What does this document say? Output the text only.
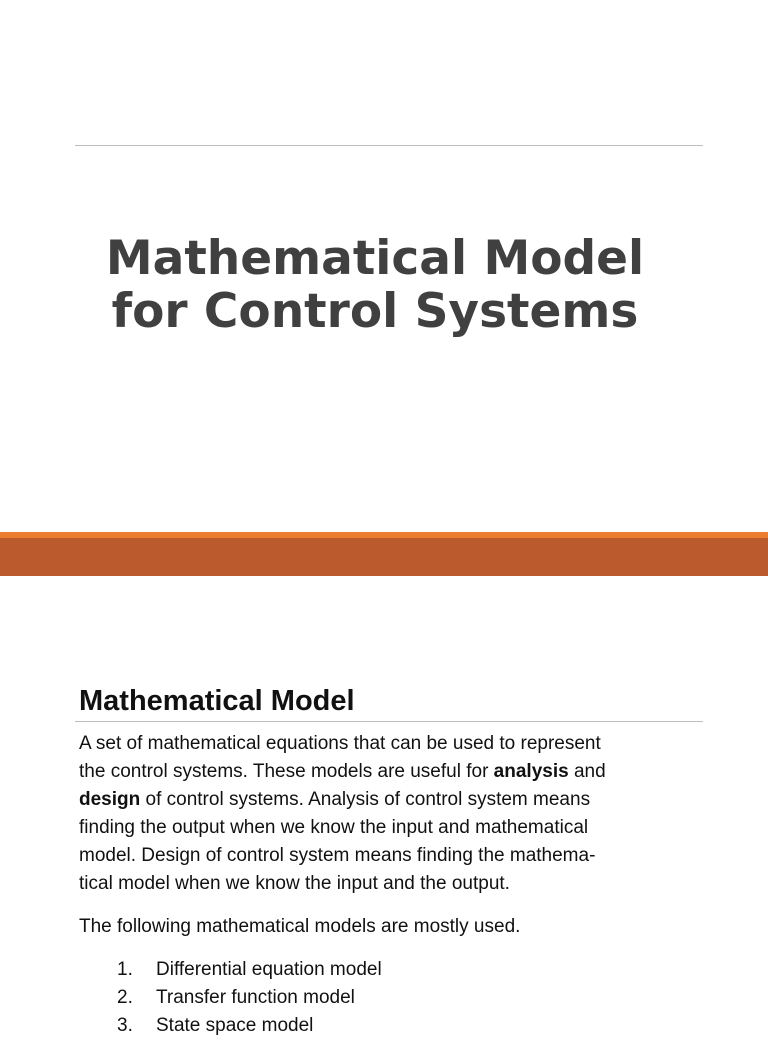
Mathematical Model
for Control Systems
Mathematical Model

A set of mathematical equations that can be used to represent
the control systems. These models are useful for analysis and
design of control systems. Analysis of control system means
finding the output when we know the input and mathematical
model. Design of control system means finding the mathema-
tical model when we know the input and the output.

The following mathematical models are mostly used.

1. Differential equation model
2. Transfer function model
3. State space model
